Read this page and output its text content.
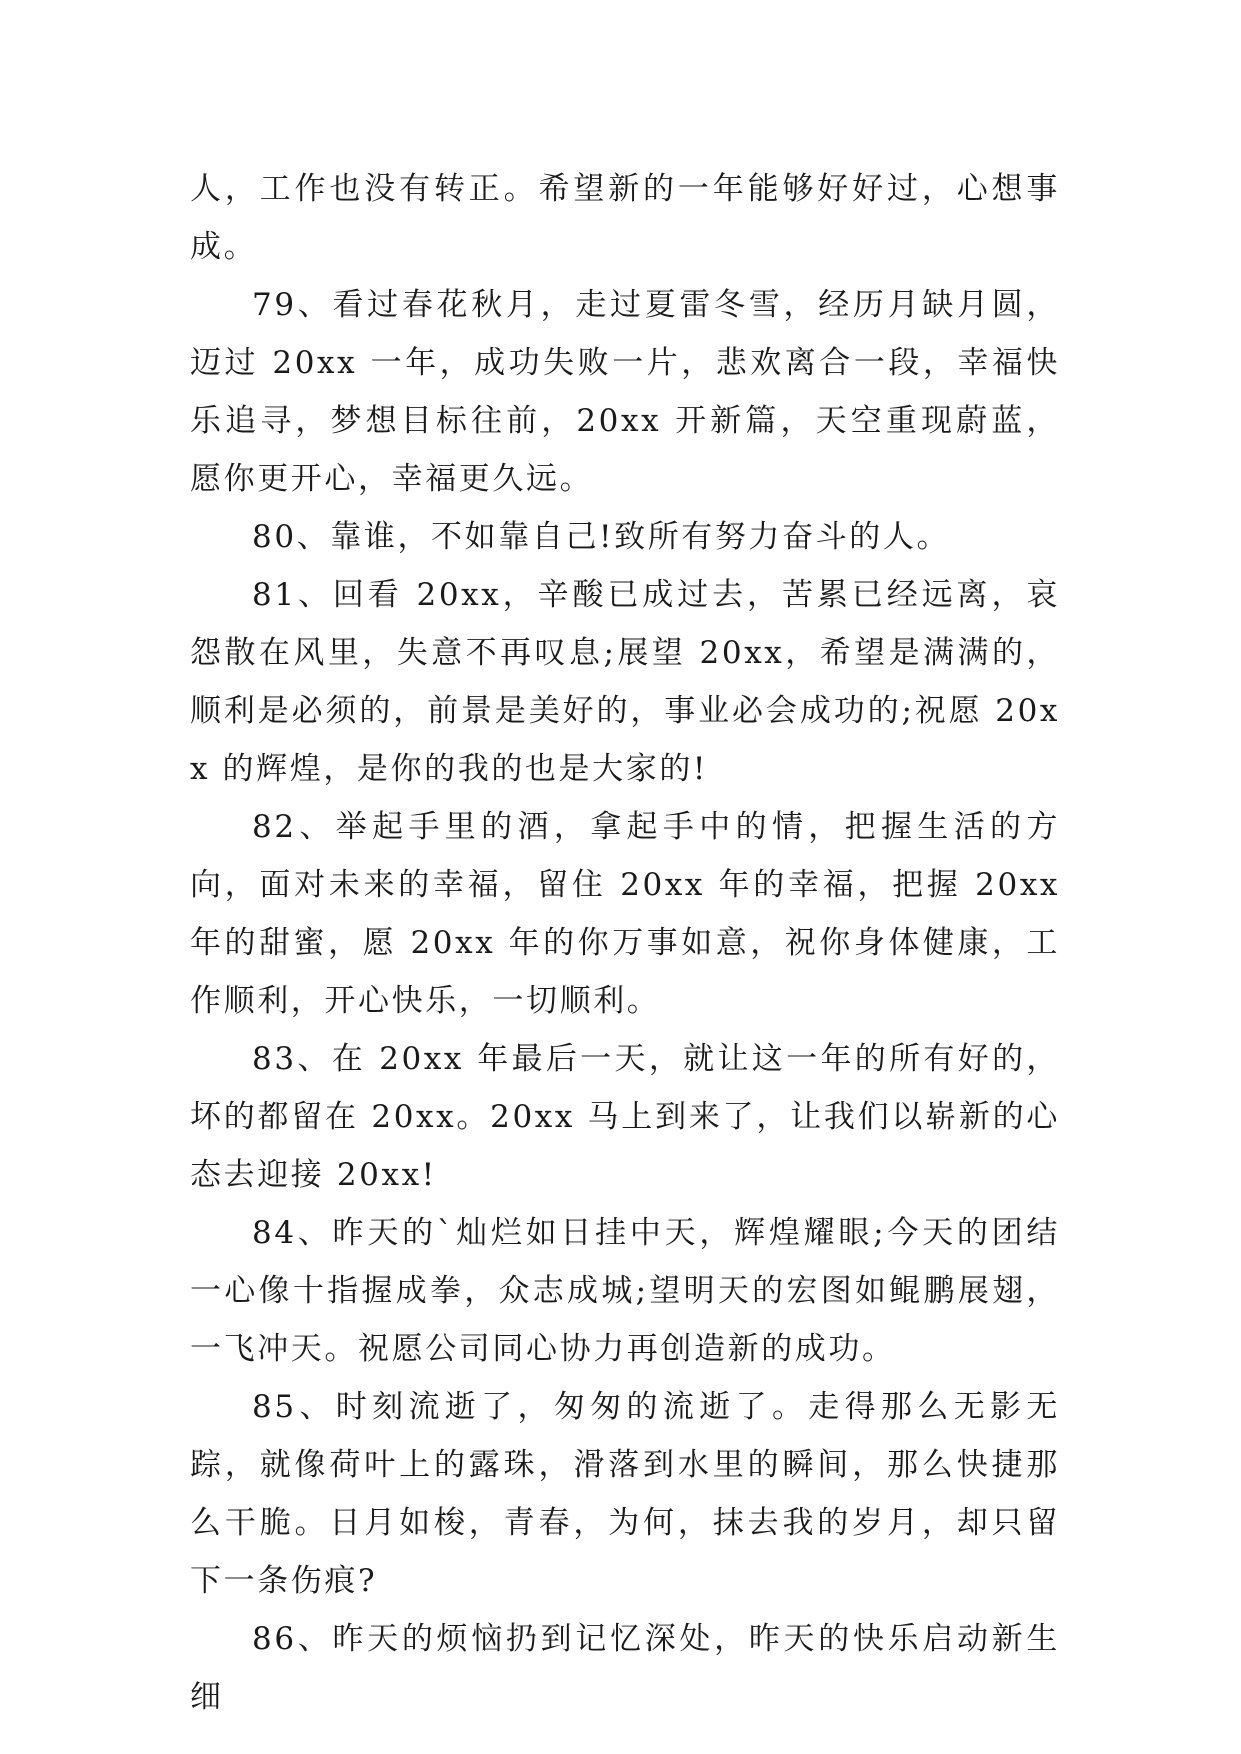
人，工作也没有转正。希望新的一年能够好好过，心想事成。

79、看过春花秋月，走过夏雷冬雪，经历月缺月圆，迈过 20xx 一年，成功失败一片，悲欢离合一段，幸福快乐追寻，梦想目标往前，20xx 开新篇，天空重现蔚蓝，愿你更开心，幸福更久远。

80、靠谁，不如靠自己!致所有努力奋斗的人。

81、回看 20xx，辛酸已成过去，苦累已经远离，哀怨散在风里，失意不再叹息;展望 20xx，希望是满满的，顺利是必须的，前景是美好的，事业必会成功的;祝愿 20xx 的辉煌，是你的我的也是大家的!

82、举起手里的酒，拿起手中的情，把握生活的方向，面对未来的幸福，留住 20xx 年的幸福，把握 20xx 年的甜蜜，愿 20xx 年的你万事如意，祝你身体健康，工作顺利，开心快乐，一切顺利。

83、在 20xx 年最后一天，就让这一年的所有好的，坏的都留在 20xx。20xx 马上到来了，让我们以崭新的心态去迎接 20xx!

84、昨天的`灿烂如日挂中天，辉煌耀眼;今天的团结一心像十指握成拳，众志成城;望明天的宏图如鲲鹏展翅，一飞冲天。祝愿公司同心协力再创造新的成功。

85、时刻流逝了，匆匆的流逝了。走得那么无影无踪，就像荷叶上的露珠，滑落到水里的瞬间，那么快捷那么干脆。日月如梭，青春，为何，抹去我的岁月，却只留下一条伤痕?

86、昨天的烦恼扔到记忆深处，昨天的快乐启动新生细
